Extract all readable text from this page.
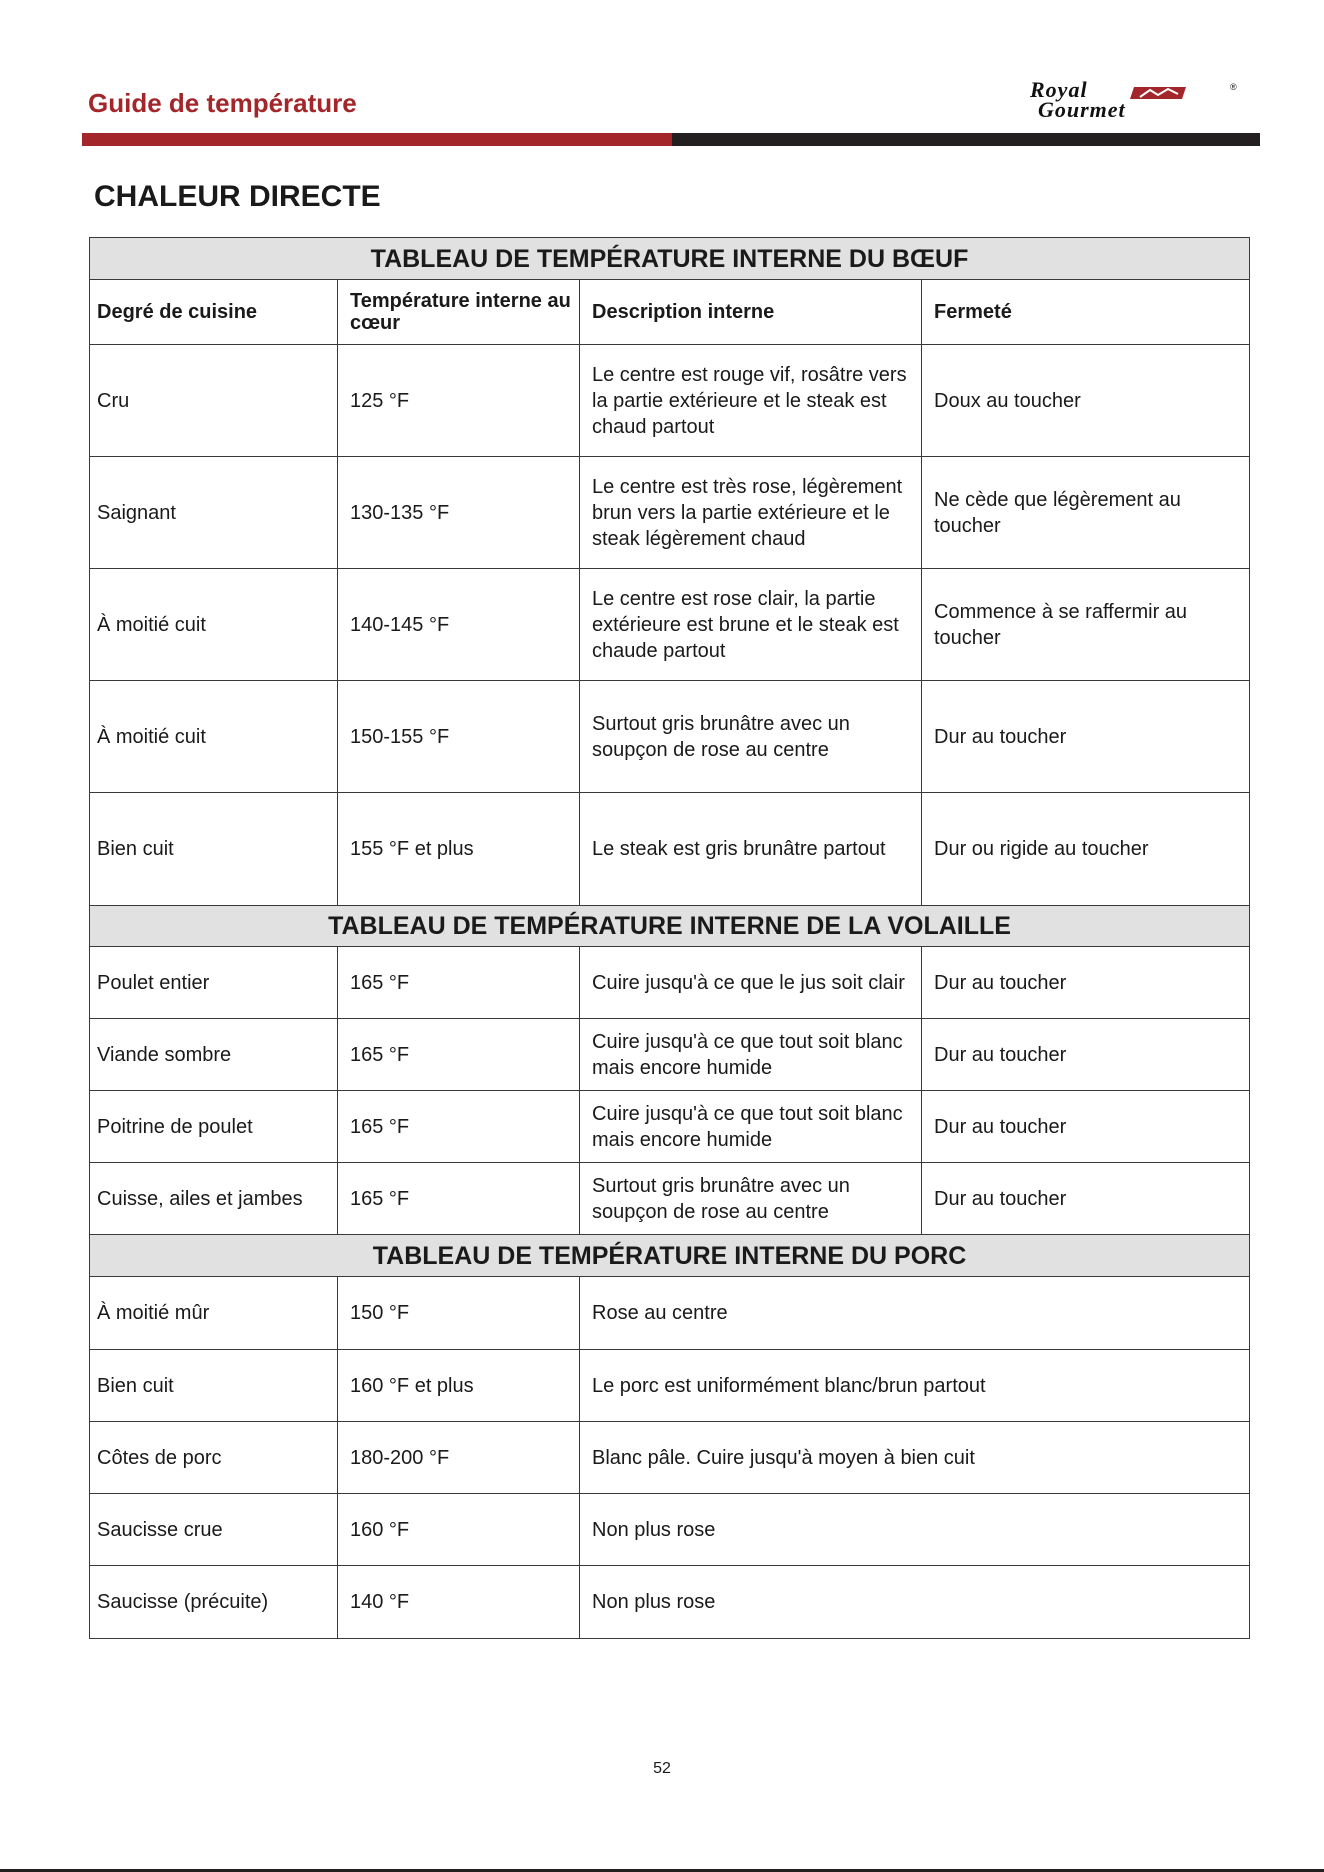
Guide de température	Royal
Gourmet
®
CHALEUR DIRECTE
TABLEAU DE TEMPÉRATURE INTERNE DU BŒUF			
Degré de cuisine	Température interne au cœur	Description interne	Fermeté
Cru	125 °F	Le centre est rouge vif, rosâtre vers la partie extérieure et le steak est chaud partout	Doux au toucher
Saignant	130-135 °F	Le centre est très rose, légèrement brun vers la partie extérieure et le steak légèrement chaud	Ne cède que légèrement au toucher
À moitié cuit	140-145 °F	Le centre est rose clair, la partie extérieure est brune et le steak est chaude partout	Commence à se raffermir au toucher
À moitié cuit	150-155 °F	Surtout gris brunâtre avec un soupçon de rose au centre	Dur au toucher
Bien cuit	155 °F et plus	Le steak est gris brunâtre partout	Dur ou rigide au toucher
TABLEAU DE TEMPÉRATURE INTERNE DE LA VOLAILLE			
Poulet entier	165 °F	Cuire jusqu'à ce que le jus soit clair	Dur au toucher
Viande sombre	165 °F	Cuire jusqu'à ce que tout soit blanc mais encore humide	Dur au toucher
Poitrine de poulet	165 °F	Cuire jusqu'à ce que tout soit blanc mais encore humide	Dur au toucher
Cuisse, ailes et jambes	165 °F	Surtout gris brunâtre avec un soupçon de rose au centre	Dur au toucher
TABLEAU DE TEMPÉRATURE INTERNE DU PORC			
À moitié mûr	150 °F	Rose au centre	
Bien cuit	160 °F et plus	Le porc est uniformément blanc/brun partout	
Côtes de porc	180-200 °F	Blanc pâle. Cuire jusqu'à moyen à bien cuit	
Saucisse crue	160 °F	Non plus rose	
Saucisse (précuite)	140 °F	Non plus rose	
52
